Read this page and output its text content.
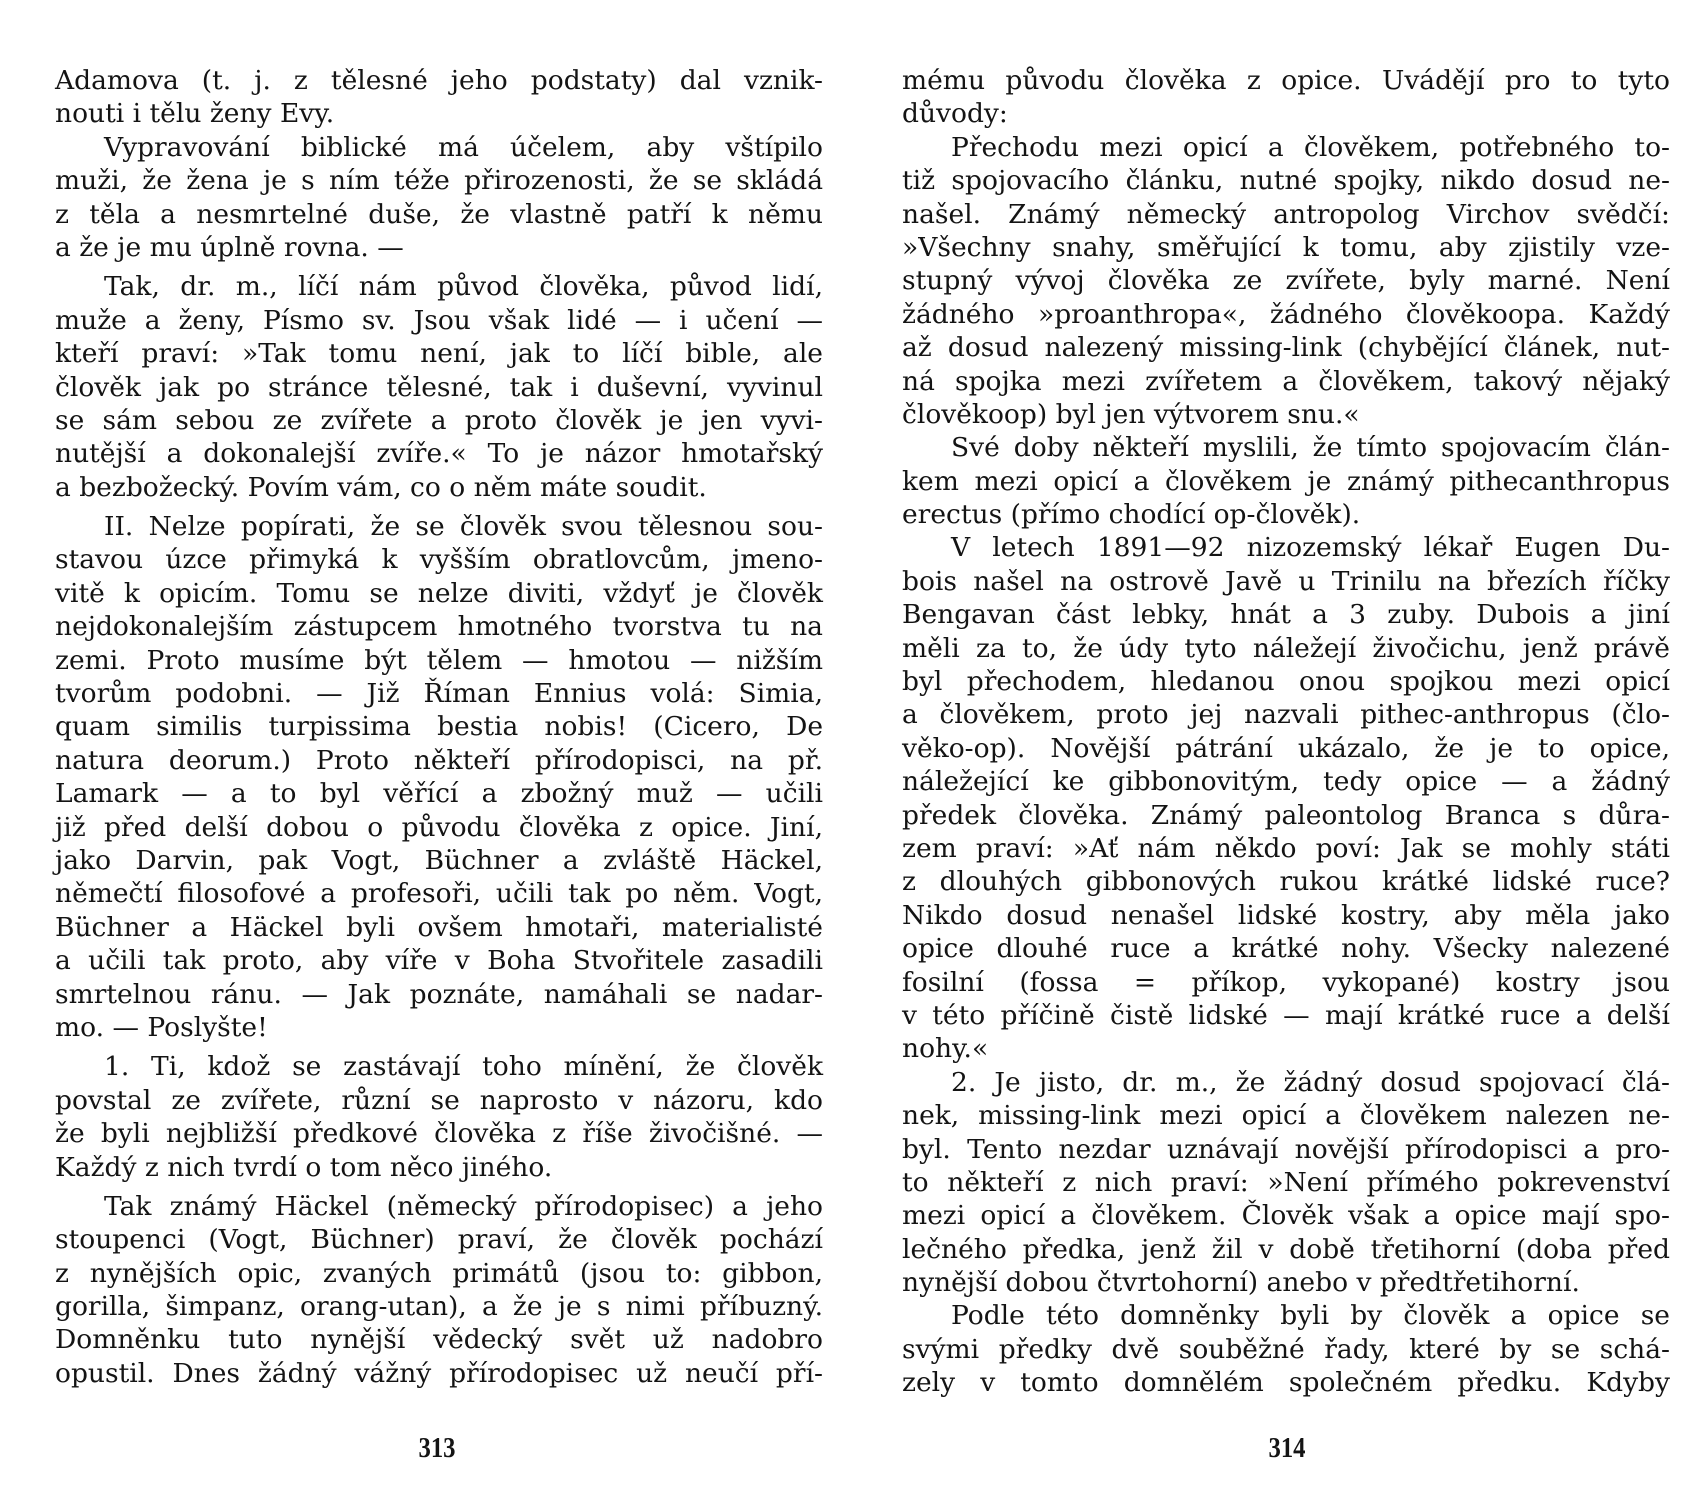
Adamova (t. j. z tělesné jeho podstaty) dal vznik-
nouti i tělu ženy Evy.
Vypravování biblické má účelem, aby vštípilo
muži, že žena je s ním téže přirozenosti, že se skládá
z těla a nesmrtelné duše, že vlastně patří k němu
a že je mu úplně rovna. —
Tak, dr. m., líčí nám původ člověka, původ lidí,
muže a ženy, Písmo sv. Jsou však lidé — i učení —
kteří praví: »Tak tomu není, jak to líčí bible, ale
člověk jak po stránce tělesné, tak i duševní, vyvinul
se sám sebou ze zvířete a proto člověk je jen vyvi-
nutější a dokonalejší zvíře.« To je názor hmotařský
a bezbožecký. Povím vám, co o něm máte soudit.
II. Nelze popírati, že se člověk svou tělesnou sou-
stavou úzce přimyká k vyšším obratlovcům, jmeno-
vitě k opicím. Tomu se nelze diviti, vždyť je člověk
nejdokonalejším zástupcem hmotného tvorstva tu na
zemi. Proto musíme být tělem — hmotou — nižším
tvorům podobni. — Již Říman Ennius volá: Simia,
quam similis turpissima bestia nobis! (Cicero, De
natura deorum.) Proto někteří přírodopisci, na př.
Lamark — a to byl věřící a zbožný muž — učili
již před delší dobou o původu člověka z opice. Jiní,
jako Darvin, pak Vogt, Büchner a zvláště Häckel,
němečtí filosofové a profesoři, učili tak po něm. Vogt,
Büchner a Häckel byli ovšem hmotaři, materialisté
a učili tak proto, aby víře v Boha Stvořitele zasadili
smrtelnou ránu. — Jak poznáte, namáhali se nadar-
mo. — Poslyšte!
1. Ti, kdož se zastávají toho mínění, že člověk
povstal ze zvířete, různí se naprosto v názoru, kdo
že byli nejbližší předkové člověka z říše živočišné. —
Každý z nich tvrdí o tom něco jiného.
Tak známý Häckel (německý přírodopisec) a jeho
stoupenci (Vogt, Büchner) praví, že člověk pochází
z nynějších opic, zvaných primátů (jsou to: gibbon,
gorilla, šimpanz, orang-utan), a že je s nimi příbuzný.
Domněnku tuto nynější vědecký svět už nadobro
opustil. Dnes žádný vážný přírodopisec už neučí pří-
mému původu člověka z opice. Uvádějí pro to tyto
důvody:
Přechodu mezi opicí a člověkem, potřebného to-
tiž spojovacího článku, nutné spojky, nikdo dosud ne-
našel. Známý německý antropolog Virchov svědčí:
»Všechny snahy, směřující k tomu, aby zjistily vze-
stupný vývoj člověka ze zvířete, byly marné. Není
žádného »proanthropa«, žádného člověkoopa. Každý
až dosud nalezený missing-link (chybějící článek, nut-
ná spojka mezi zvířetem a člověkem, takový nějaký
člověkoop) byl jen výtvorem snu.«
Své doby někteří myslili, že tímto spojovacím člán-
kem mezi opicí a člověkem je známý pithecanthropus
erectus (přímo chodící op-člověk).
V letech 1891—92 nizozemský lékař Eugen Du-
bois našel na ostrově Javě u Trinilu na březích říčky
Bengavan část lebky, hnát a 3 zuby. Dubois a jiní
měli za to, že údy tyto náležejí živočichu, jenž právě
byl přechodem, hledanou onou spojkou mezi opicí
a člověkem, proto jej nazvali pithec-anthropus (člo-
věko-op). Novější pátrání ukázalo, že je to opice,
náležející ke gibbonovitým, tedy opice — a žádný
předek člověka. Známý paleontolog Branca s důra-
zem praví: »Ať nám někdo poví: Jak se mohly státi
z dlouhých gibbonových rukou krátké lidské ruce?
Nikdo dosud nenašel lidské kostry, aby měla jako
opice dlouhé ruce a krátké nohy. Všecky nalezené
fosilní (fossa = příkop, vykopané) kostry jsou
v této příčině čistě lidské — mají krátké ruce a delší
nohy.«
2. Je jisto, dr. m., že žádný dosud spojovací člá-
nek, missing-link mezi opicí a člověkem nalezen ne-
byl. Tento nezdar uznávají novější přírodopisci a pro-
to někteří z nich praví: »Není přímého pokrevenství
mezi opicí a člověkem. Člověk však a opice mají spo-
lečného předka, jenž žil v době třetihorní (doba před
nynější dobou čtvrtohorní) anebo v předtřetihorní.
Podle této domněnky byli by člověk a opice se
svými předky dvě souběžné řady, které by se schá-
zely v tomto domnělém společném předku. Kdyby
313	314
